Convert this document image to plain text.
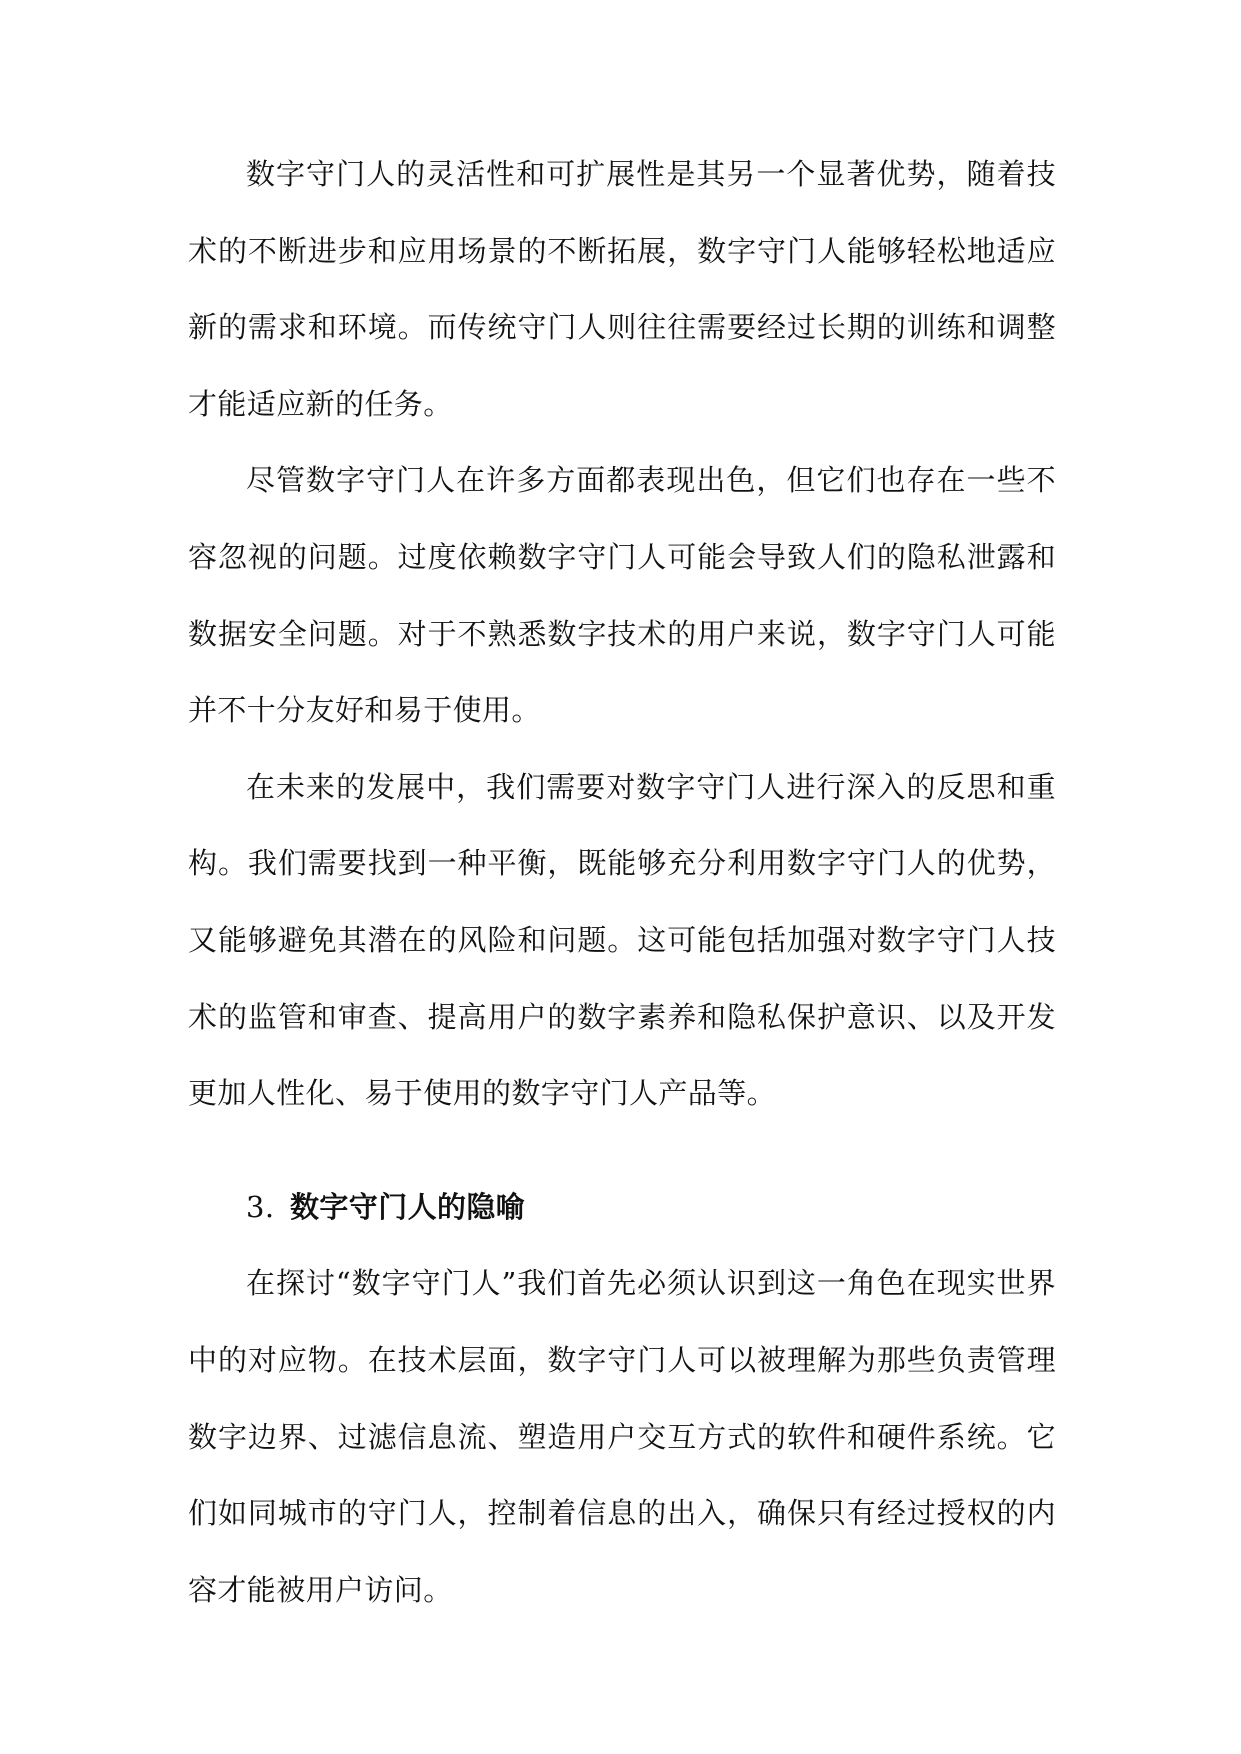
数字守门人的灵活性和可扩展性是其另一个显著优势，随着技术的不断进步和应用场景的不断拓展，数字守门人能够轻松地适应新的需求和环境。而传统守门人则往往需要经过长期的训练和调整才能适应新的任务。

尽管数字守门人在许多方面都表现出色，但它们也存在一些不容忽视的问题。过度依赖数字守门人可能会导致人们的隐私泄露和数据安全问题。对于不熟悉数字技术的用户来说，数字守门人可能并不十分友好和易于使用。

在未来的发展中，我们需要对数字守门人进行深入的反思和重构。我们需要找到一种平衡，既能够充分利用数字守门人的优势，又能够避免其潜在的风险和问题。这可能包括加强对数字守门人技术的监管和审查、提高用户的数字素养和隐私保护意识、以及开发更加人性化、易于使用的数字守门人产品等。

3. 数字守门人的隐喻

在探讨“数字守门人”我们首先必须认识到这一角色在现实世界中的对应物。在技术层面，数字守门人可以被理解为那些负责管理数字边界、过滤信息流、塑造用户交互方式的软件和硬件系统。它们如同城市的守门人，控制着信息的出入，确保只有经过授权的内容才能被用户访问。
